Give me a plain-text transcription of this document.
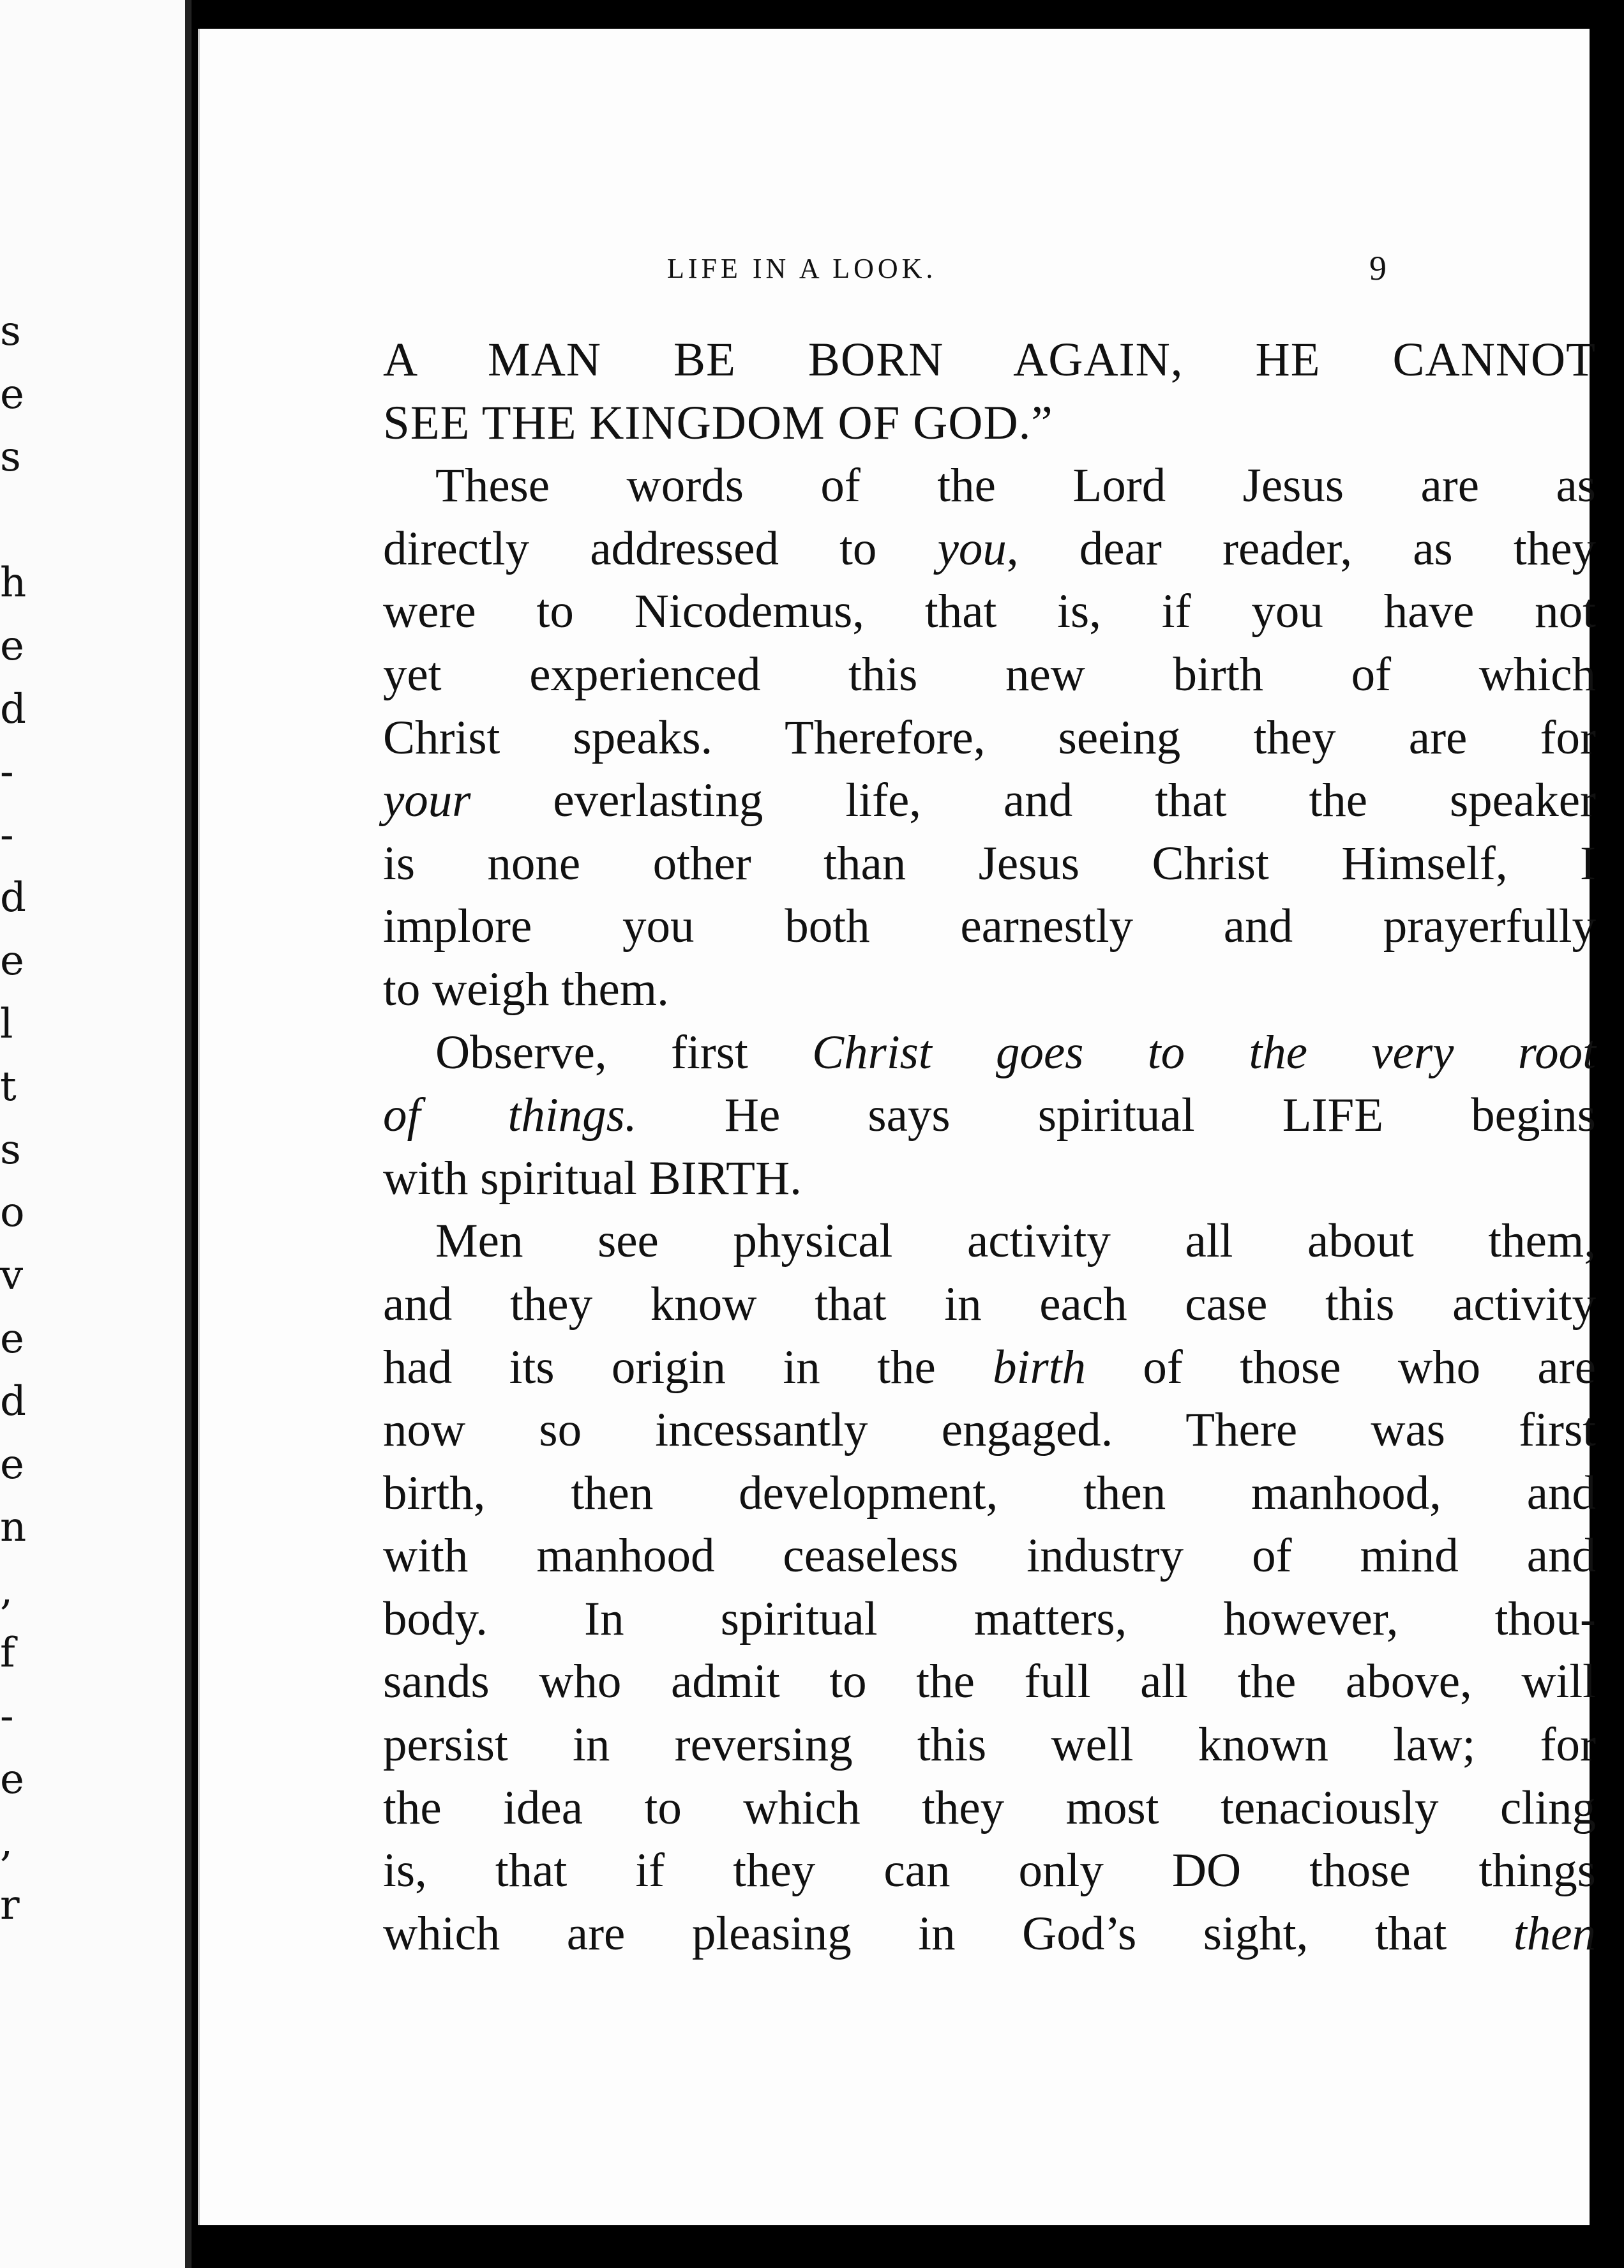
s
e
s
h
e
d
-
-
d
e
l
t
s
o
v
e
d
e
n
,
f
-
e
,
r
LIFE IN A LOOK.	9
A MAN BE BORN AGAIN, HE CANNOT
SEE THE KINGDOM OF GOD.”
These words of the Lord Jesus are as
directly addressed to you, dear reader, as they
were to Nicodemus, that is, if you have not
yet experienced this new birth of which
Christ speaks. Therefore, seeing they are for
your everlasting life, and that the speaker
is none other than Jesus Christ Himself, I
implore you both earnestly and prayerfully
to weigh them.
Observe, first Christ goes to the very root
of things. He says spiritual LIFE begins
with spiritual BIRTH.
Men see physical activity all about them,
and they know that in each case this activity
had its origin in the birth of those who are
now so incessantly engaged. There was first
birth, then development, then manhood, and
with manhood ceaseless industry of mind and
body. In spiritual matters, however, thou-
sands who admit to the full all the above, will
persist in reversing this well known law; for
the idea to which they most tenaciously cling
is, that if they can only DO those things
which are pleasing in God’s sight, that then
